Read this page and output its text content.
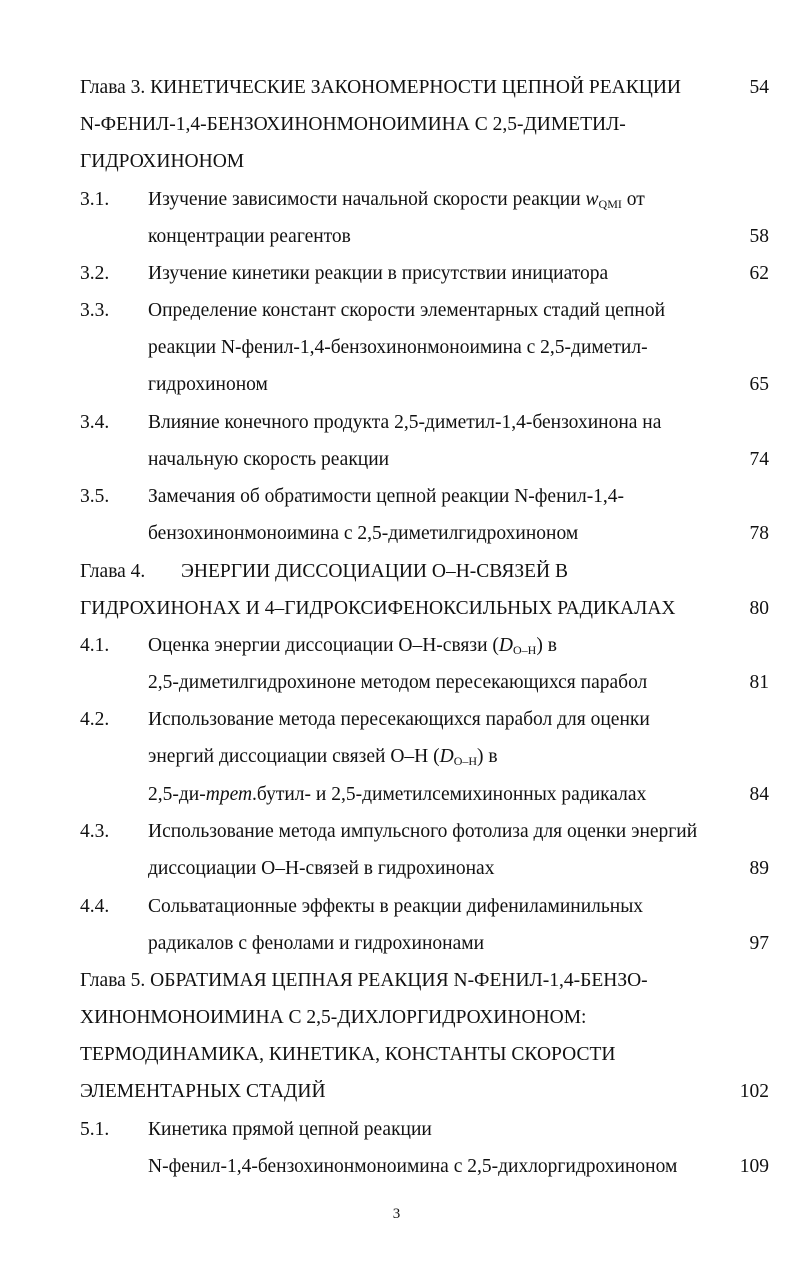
Глава 3. КИНЕТИЧЕСКИЕ ЗАКОНОМЕРНОСТИ ЦЕПНОЙ РЕАКЦИИ	54
N-ФЕНИЛ-1,4-БЕНЗОХИНОНМОНОИМИНА С 2,5-ДИМЕТИЛ-
ГИДРОХИНОНОМ
3.1. Изучение зависимости начальной скорости реакции $w_{QMI}$ от
концентрации реагентов	58
3.2. Изучение кинетики реакции в присутствии инициатора	62
3.3. Определение констант скорости элементарных стадий цепной
реакции N-фенил-1,4-бензохинонмоноимина с 2,5-диметил-
гидрохиноном	65
3.4. Влияние конечного продукта 2,5-диметил-1,4-бензохинона на
начальную скорость реакции	74
3.5. Замечания об обратимости цепной реакции N-фенил-1,4-
бензохинонмоноимина с 2,5-диметилгидрохиноном	78
Глава 4. ЭНЕРГИИ ДИССОЦИАЦИИ О–Н-СВЯЗЕЙ В
ГИДРОХИНОНАХ И 4–ГИДРОКСИФЕНОКСИЛЬНЫХ РАДИКАЛАХ	80
4.1. Оценка энергии диссоциации О–Н-связи $(D_{О-Н})$ в
2,5-диметилгидрохиноне методом пересекающихся парабол	81
4.2. Использование метода пересекающихся парабол для оценки
энергий диссоциации связей О–Н $(D_{О-Н})$ в
2,5-ди-трет.бутил- и 2,5-диметилсемихинонных радикалах	84
4.3. Использование метода импульсного фотолиза для оценки энергий
диссоциации О–Н-связей в гидрохинонах	89
4.4. Сольватационные эффекты в реакции дифениламинильных
радикалов с фенолами и гидрохинонами	97
Глава 5. ОБРАТИМАЯ ЦЕПНАЯ РЕАКЦИЯ N-ФЕНИЛ-1,4-БЕНЗО-
ХИНОНМОНОИМИНА С 2,5-ДИХЛОРГИДРОХИНОНОМ:
ТЕРМОДИНАМИКА, КИНЕТИКА, КОНСТАНТЫ СКОРОСТИ
ЭЛЕМЕНТАРНЫХ СТАДИЙ	102
5.1. Кинетика прямой цепной реакции
N-фенил-1,4-бензохинонмоноимина с 2,5-дихлоргидрохиноном	109
3
